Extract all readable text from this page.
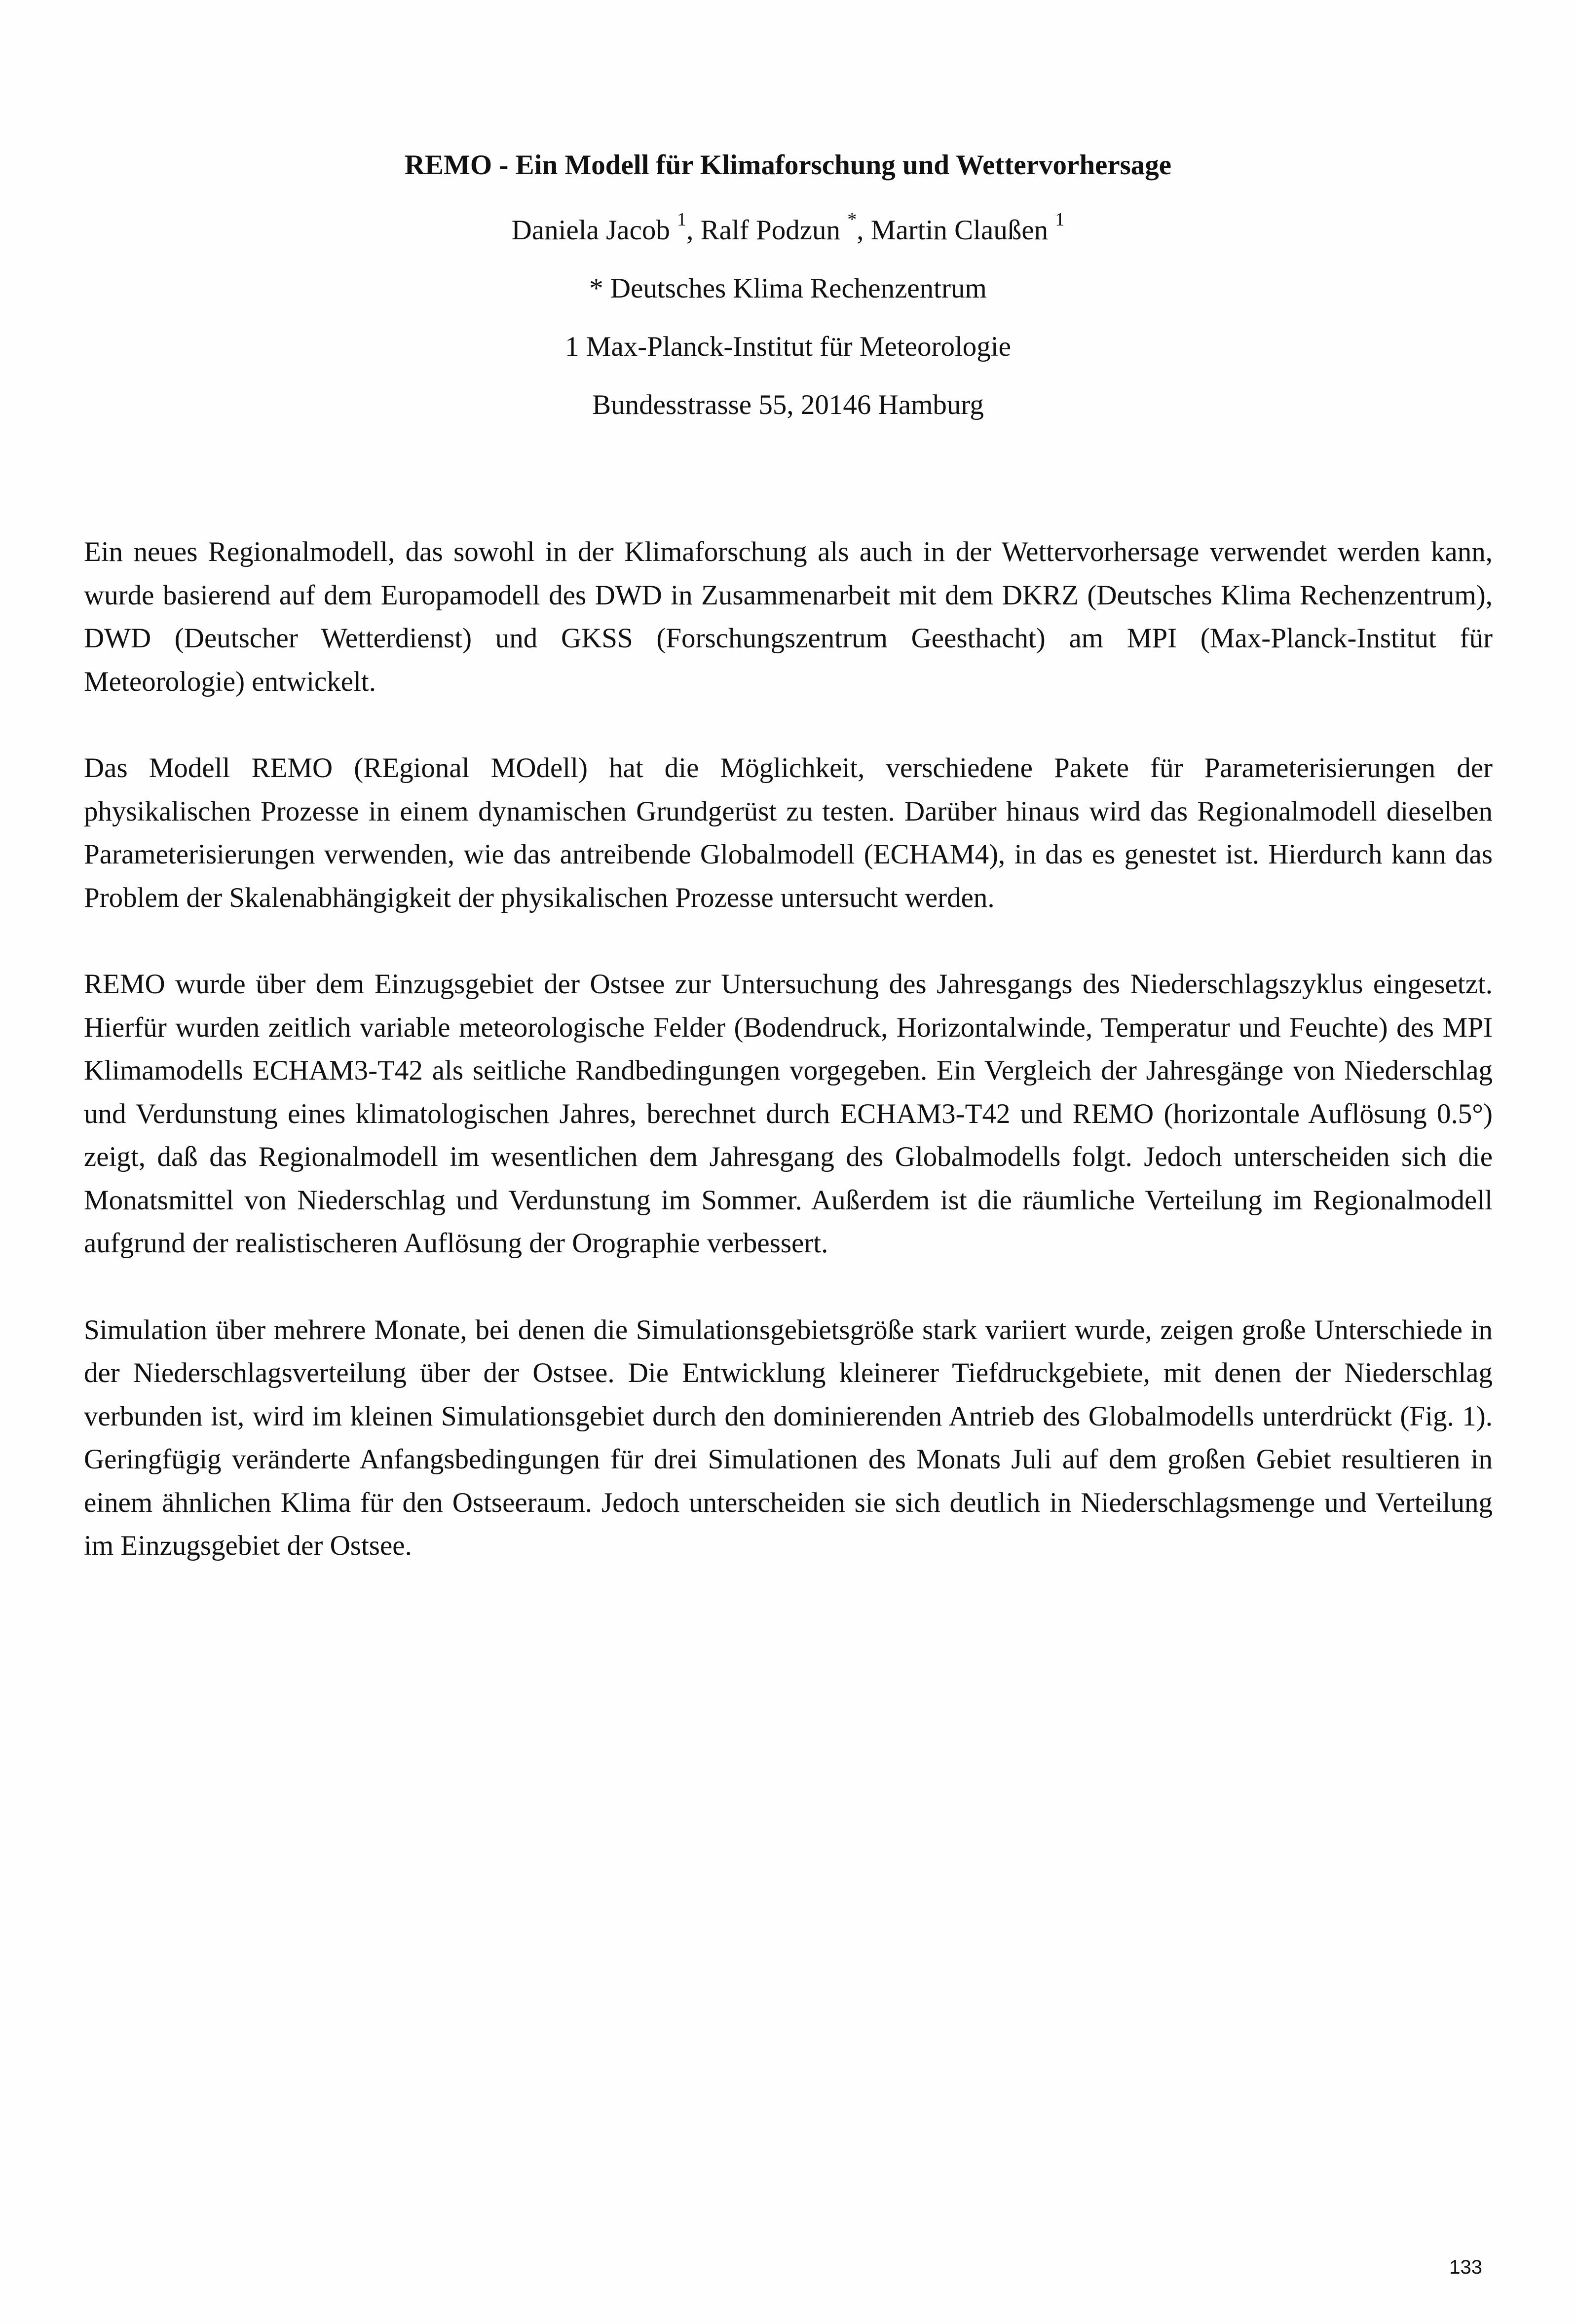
REMO - Ein Modell für Klimaforschung und Wettervorhersage
Daniela Jacob $^1$, Ralf Podzun *, Martin Claußen $^1$
* Deutsches Klima Rechenzentrum
1 Max-Planck-Institut für Meteorologie
Bundesstrasse 55, 20146 Hamburg

Ein neues Regionalmodell, das sowohl in der Klimaforschung als auch in der Wettervorhersage verwendet werden kann, wurde basierend auf dem Europamodell des DWD in Zusammenarbeit mit dem DKRZ (Deutsches Klima Rechenzentrum), DWD (Deutscher Wetterdienst) und GKSS (Forschungszentrum Geesthacht) am MPI (Max-Planck-Institut für Meteorologie) entwickelt.

Das Modell REMO (REgional MOdell) hat die Möglichkeit, verschiedene Pakete für Parameterisierungen der physikalischen Prozesse in einem dynamischen Grundgerüst zu testen. Darüber hinaus wird das Regionalmodell dieselben Parameterisierungen verwenden, wie das antreibende Globalmodell (ECHAM4), in das es genestet ist. Hierdurch kann das Problem der Skalenabhängigkeit der physikalischen Prozesse untersucht werden.

REMO wurde über dem Einzugsgebiet der Ostsee zur Untersuchung des Jahresgangs des Niederschlagszyklus eingesetzt. Hierfür wurden zeitlich variable meteorologische Felder (Bodendruck, Horizontalwinde, Temperatur und Feuchte) des MPI Klimamodells ECHAM3-T42 als seitliche Randbedingungen vorgegeben. Ein Vergleich der Jahresgänge von Niederschlag und Verdunstung eines klimatologischen Jahres, berechnet durch ECHAM3-T42 und REMO (horizontale Auflösung 0.5°) zeigt, daß das Regionalmodell im wesentlichen dem Jahresgang des Globalmodells folgt. Jedoch unterscheiden sich die Monatsmittel von Niederschlag und Verdunstung im Sommer. Außerdem ist die räumliche Verteilung im Regionalmodell aufgrund der realistischeren Auflösung der Orographie verbessert.

Simulation über mehrere Monate, bei denen die Simulationsgebietsgröße stark variiert wurde, zeigen große Unterschiede in der Niederschlagsverteilung über der Ostsee. Die Entwicklung kleinerer Tiefdruckgebiete, mit denen der Niederschlag verbunden ist, wird im kleinen Simulationsgebiet durch den dominierenden Antrieb des Globalmodells unterdrückt (Fig. 1). Geringfügig veränderte Anfangsbedingungen für drei Simulationen des Monats Juli auf dem großen Gebiet resultieren in einem ähnlichen Klima für den Ostseeraum. Jedoch unterscheiden sie sich deutlich in Niederschlagsmenge und Verteilung im Einzugsgebiet der Ostsee.

133
